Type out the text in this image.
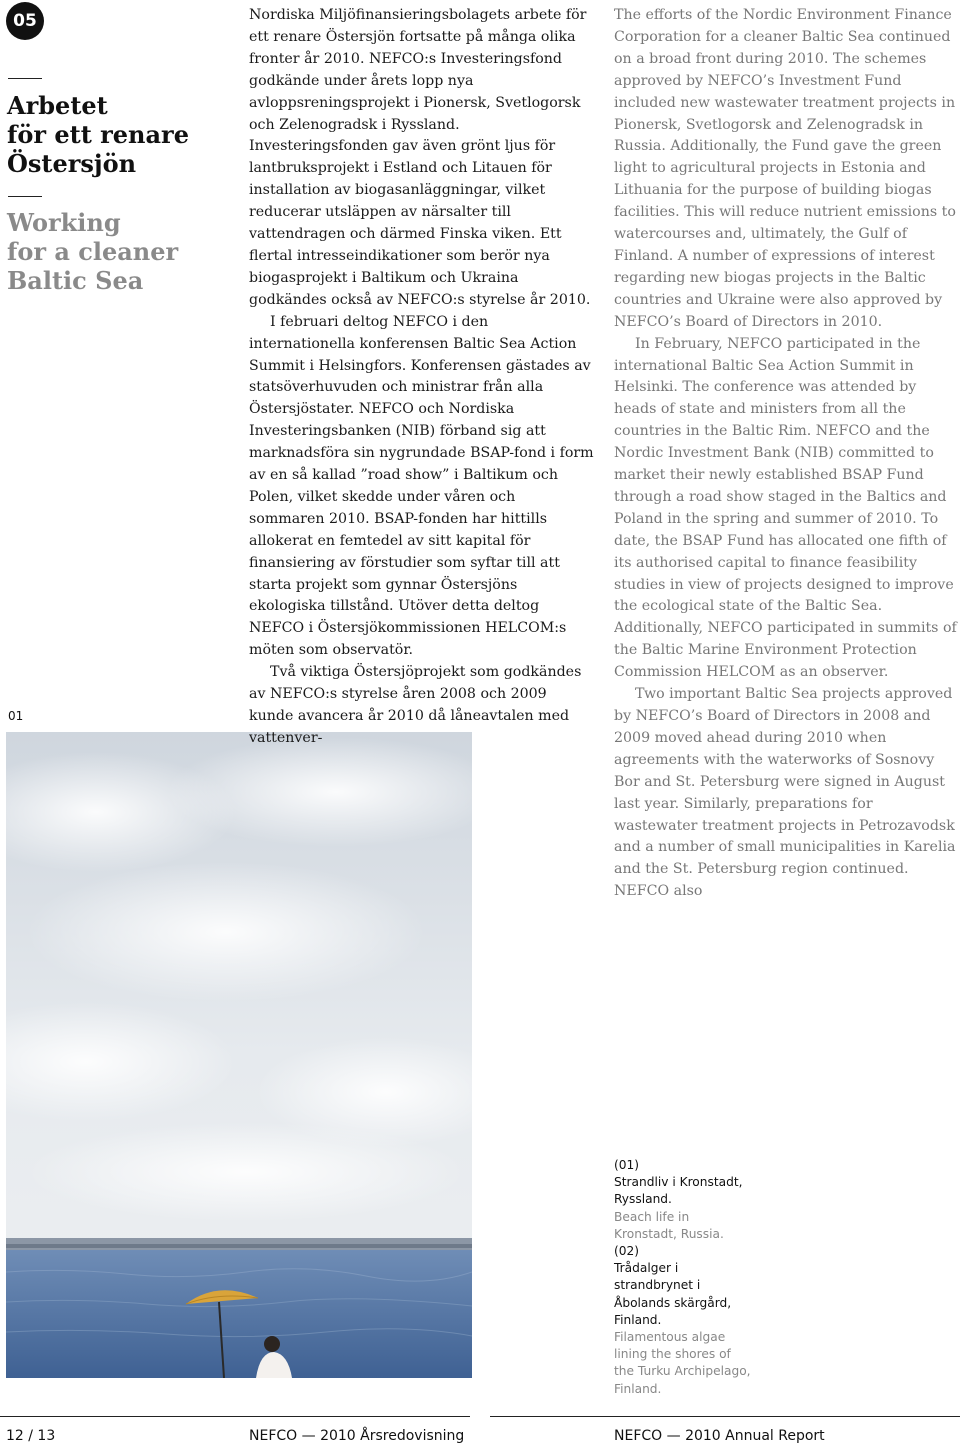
05
Arbetet
för ett renare
Östersjön
Working
for a cleaner
Baltic Sea
01

Nordiska Miljöfinansieringsbolagets arbete för ett renare Östersjön fortsatte på många olika fronter år 2010. NEFCO:s Investeringsfond godkände under årets lopp nya avloppsreningsprojekt i Pionersk, Svetlogorsk och Zelenogradsk i Ryssland. Investeringsfonden gav även grönt ljus för lantbruksprojekt i Estland och Litauen för installation av biogasanläggningar, vilket reducerar utsläppen av närsalter till vattendragen och därmed Finska viken. Ett flertal intresseindikationer som berör nya biogasprojekt i Baltikum och Ukraina godkändes också av NEFCO:s styrelse år 2010.

I februari deltog NEFCO i den internationella konferensen Baltic Sea Action Summit i Helsingfors. Konferensen gästades av statsöverhuvuden och ministrar från alla Östersjöstater. NEFCO och Nordiska Investeringsbanken (NIB) förband sig att marknadsföra sin nygrundade BSAP-fond i form av en så kallad ”road show” i Baltikum och Polen, vilket skedde under våren och sommaren 2010. BSAP-fonden har hittills allokerat en femtedel av sitt kapital för finansiering av förstudier som syftar till att starta projekt som gynnar Östersjöns ekologiska tillstånd. Utöver detta deltog NEFCO i Östersjökommissionen HELCOM:s möten som observatör.

Två viktiga Östersjöprojekt som godkändes av NEFCO:s styrelse åren 2008 och 2009 kunde avancera år 2010 då låneavtalen med vattenver-

The efforts of the Nordic Environment Finance Corporation for a cleaner Baltic Sea continued on a broad front during 2010. The schemes approved by NEFCO’s Investment Fund included new wastewater treatment projects in Pionersk, Svetlogorsk and Zelenogradsk in Russia. Additionally, the Fund gave the green light to agricultural projects in Estonia and Lithuania for the purpose of building biogas facilities. This will reduce nutrient emissions to watercourses and, ultimately, the Gulf of Finland. A number of expressions of interest regarding new biogas projects in the Baltic countries and Ukraine were also approved by NEFCO’s Board of Directors in 2010.

In February, NEFCO participated in the international Baltic Sea Action Summit in Helsinki. The conference was attended by heads of state and ministers from all the countries in the Baltic Rim. NEFCO and the Nordic Investment Bank (NIB) committed to market their newly established BSAP Fund through a road show staged in the Baltics and Poland in the spring and summer of 2010. To date, the BSAP Fund has allocated one fifth of its authorised capital to finance feasibility studies in view of projects designed to improve the ecological state of the Baltic Sea. Additionally, NEFCO participated in summits of the Baltic Marine Environment Protection Commission HELCOM as an observer.

Two important Baltic Sea projects approved by NEFCO’s Board of Directors in 2008 and 2009 moved ahead during 2010 when agreements with the waterworks of Sosnovy Bor and St. Petersburg were signed in August last year. Similarly, preparations for wastewater treatment projects in Petrozavodsk and a number of small municipalities in Karelia and the St. Petersburg region continued. NEFCO also

(01)
Strandliv i Kronstadt, Ryssland.
Beach life in Kronstadt, Russia.
(02)
Trådalger i strandbrynet i Åbolands skärgård, Finland.
Filamentous algae lining the shores of the Turku Archipelago, Finland.
12 / 13	NEFCO — 2010 Årsredovisning	NEFCO — 2010 Annual Report
